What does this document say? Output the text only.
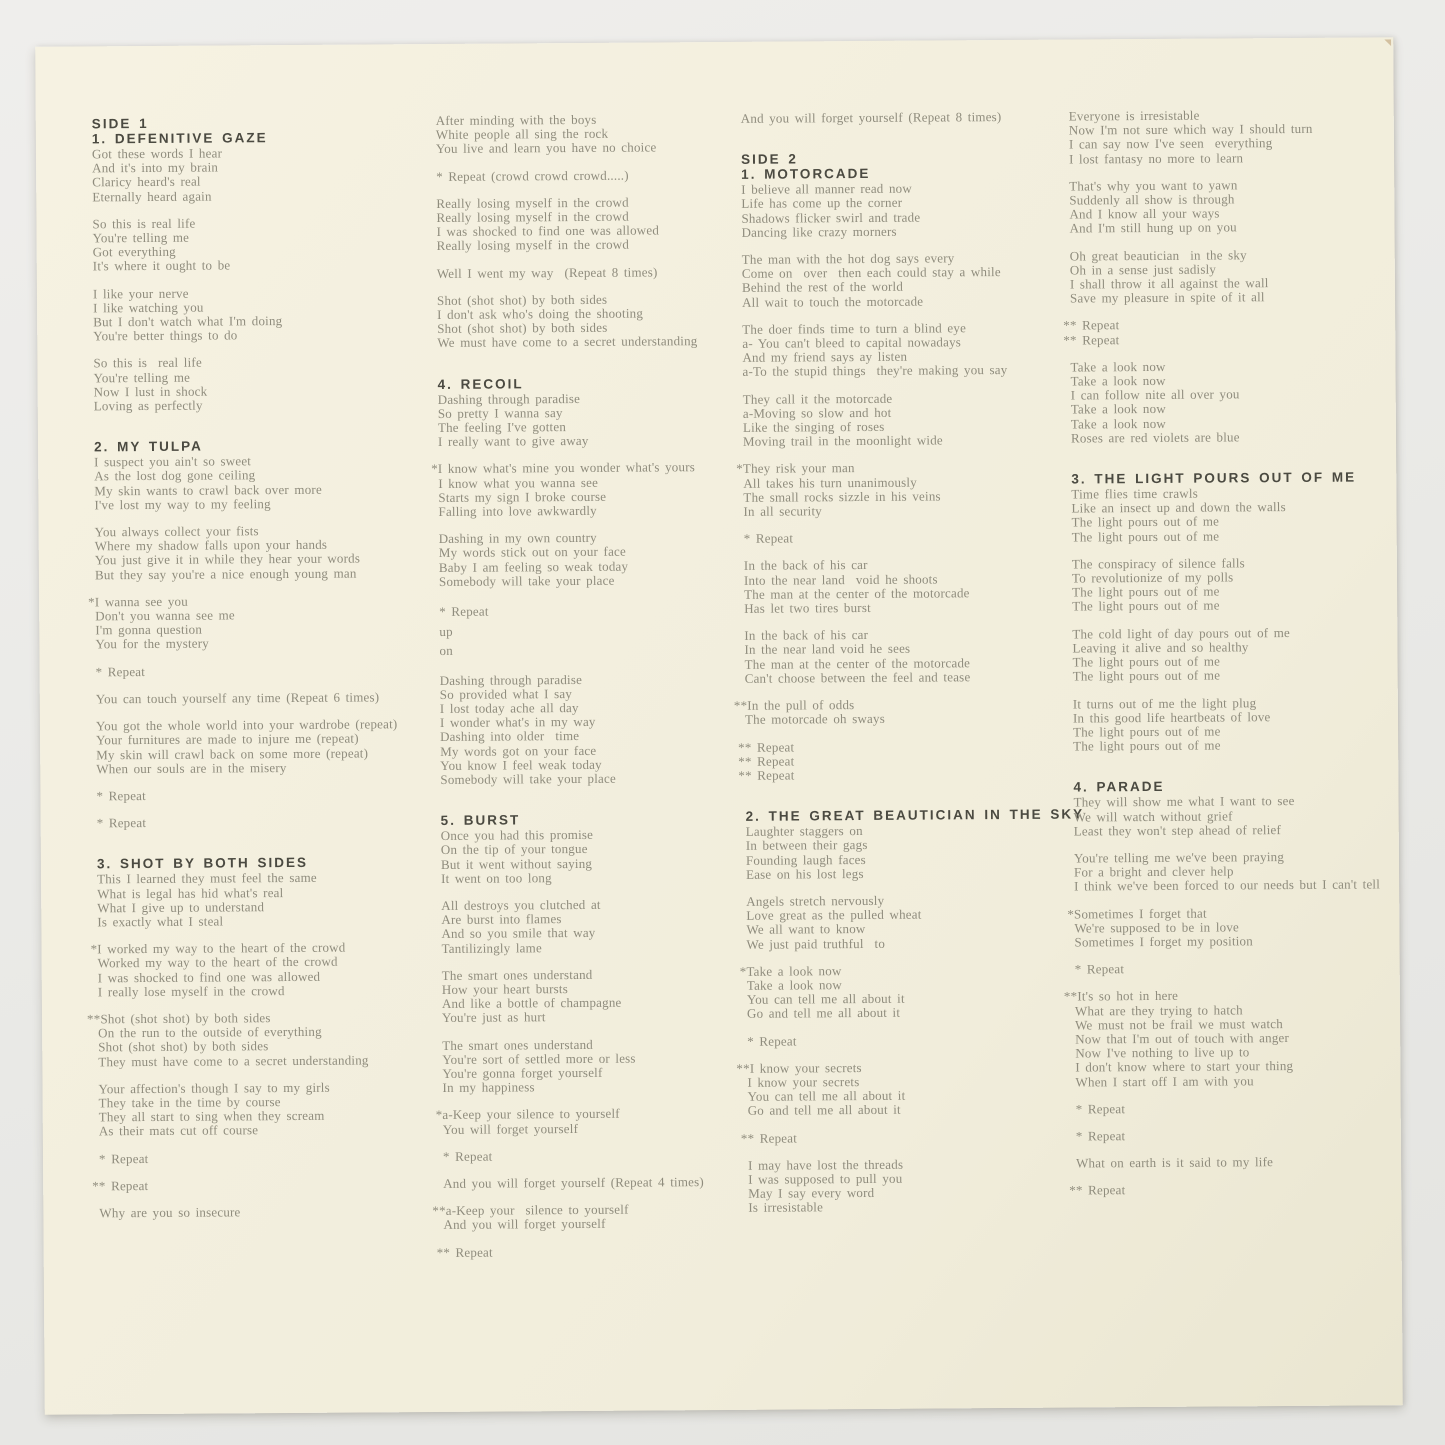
SIDE 1
1. DEFENITIVE GAZE
Got these words I hear
And it's into my brain
Claricy heard's real
Eternally heard again
So this is real life
You're telling me
Got everything
It's where it ought to be
I like your nerve
I like watching you
But I don't watch what I'm doing
You're better things to do
So this is  real life
You're telling me
Now I lust in shock
Loving as perfectly
2. MY TULPA
I suspect you ain't so sweet
As the lost dog gone ceiling
My skin wants to crawl back over more
I've lost my way to my feeling
You always collect your fists
Where my shadow falls upon your hands
You just give it in while they hear your words
But they say you're a nice enough young man
*I wanna see you
Don't you wanna see me
I'm gonna question
You for the mystery
* Repeat
You can touch yourself any time (Repeat 6 times)
You got the whole world into your wardrobe (repeat)
Your furnitures are made to injure me (repeat)
My skin will crawl back on some more (repeat)
When our souls are in the misery
* Repeat
* Repeat
3. SHOT BY BOTH SIDES
This I learned they must feel the same
What is legal has hid what's real
What I give up to understand
Is exactly what I steal
*I worked my way to the heart of the crowd
Worked my way to the heart of the crowd
I was shocked to find one was allowed
I really lose myself in the crowd
**Shot (shot shot) by both sides
On the run to the outside of everything
Shot (shot shot) by both sides
They must have come to a secret understanding
Your affection's though I say to my girls
They take in the time by course
They all start to sing when they scream
As their mats cut off course
* Repeat
** Repeat
Why are you so insecure
After minding with the boys
White people all sing the rock
You live and learn you have no choice
* Repeat (crowd crowd crowd.....)
Really losing myself in the crowd
Really losing myself in the crowd
I was shocked to find one was allowed
Really losing myself in the crowd
Well I went my way  (Repeat 8 times)
Shot (shot shot) by both sides
I don't ask who's doing the shooting
Shot (shot shot) by both sides
We must have come to a secret understanding
4. RECOIL
Dashing through paradise
So pretty I wanna say
The feeling I've gotten
I really want to give away
*I know what's mine you wonder what's yours
I know what you wanna see
Starts my sign I broke course
Falling into love awkwardly
Dashing in my own country
My words stick out on your face
Baby I am feeling so weak today
Somebody will take your place
* Repeat
up
on
Dashing through paradise
So provided what I say
I lost today ache all day
I wonder what's in my way
Dashing into older  time
My words got on your face
You know I feel weak today
Somebody will take your place
5. BURST
Once you had this promise
On the tip of your tongue
But it went without saying
It went on too long
All destroys you clutched at
Are burst into flames
And so you smile that way
Tantilizingly lame
The smart ones understand
How your heart bursts
And like a bottle of champagne
You're just as hurt
The smart ones understand
You're sort of settled more or less
You're gonna forget yourself
In my happiness
*a-Keep your silence to yourself
You will forget yourself
* Repeat
And you will forget yourself (Repeat 4 times)
**a-Keep your  silence to yourself
And you will forget yourself
** Repeat
And you will forget yourself (Repeat 8 times)
SIDE 2
1. MOTORCADE
I believe all manner read now
Life has come up the corner
Shadows flicker swirl and trade
Dancing like crazy morners
The man with the hot dog says every
Come on  over  then each could stay a while
Behind the rest of the world
All wait to touch the motorcade
The doer finds time to turn a blind eye
a- You can't bleed to capital nowadays
And my friend says ay listen
a-To the stupid things  they're making you say
They call it the motorcade
a-Moving so slow and hot
Like the singing of roses
Moving trail in the moonlight wide
*They risk your man
All takes his turn unanimously
The small rocks sizzle in his veins
In all security
* Repeat
In the back of his car
Into the near land  void he shoots
The man at the center of the motorcade
Has let two tires burst
In the back of his car
In the near land void he sees
The man at the center of the motorcade
Can't choose between the feel and tease
**In the pull of odds
The motorcade oh sways
** Repeat
** Repeat
** Repeat
2. THE GREAT BEAUTICIAN IN THE SKY
Laughter staggers on
In between their gags
Founding laugh faces
Ease on his lost legs
Angels stretch nervously
Love great as the pulled wheat
We all want to know
We just paid truthful  to
*Take a look now
Take a look now
You can tell me all about it
Go and tell me all about it
* Repeat
**I know your secrets
I know your secrets
You can tell me all about it
Go and tell me all about it
** Repeat
I may have lost the threads
I was supposed to pull you
May I say every word
Is irresistable
Everyone is irresistable
Now I'm not sure which way I should turn
I can say now I've seen  everything
I lost fantasy no more to learn
That's why you want to yawn
Suddenly all show is through
And I know all your ways
And I'm still hung up on you
Oh great beautician  in the sky
Oh in a sense just sadisly
I shall throw it all against the wall
Save my pleasure in spite of it all
** Repeat
** Repeat
Take a look now
Take a look now
I can follow nite all over you
Take a look now
Take a look now
Roses are red violets are blue
3. THE LIGHT POURS OUT OF ME
Time flies time crawls
Like an insect up and down the walls
The light pours out of me
The light pours out of me
The conspiracy of silence falls
To revolutionize of my polls
The light pours out of me
The light pours out of me
The cold light of day pours out of me
Leaving it alive and so healthy
The light pours out of me
The light pours out of me
It turns out of me the light plug
In this good life heartbeats of love
The light pours out of me
The light pours out of me
4. PARADE
They will show me what I want to see
We will watch without grief
Least they won't step ahead of relief
You're telling me we've been praying
For a bright and clever help
I think we've been forced to our needs but I can't tell
*Sometimes I forget that
We're supposed to be in love
Sometimes I forget my position
* Repeat
**It's so hot in here
What are they trying to hatch
We must not be frail we must watch
Now that I'm out of touch with anger
Now I've nothing to live up to
I don't know where to start your thing
When I start off I am with you
* Repeat
* Repeat
What on earth is it said to my life
** Repeat
